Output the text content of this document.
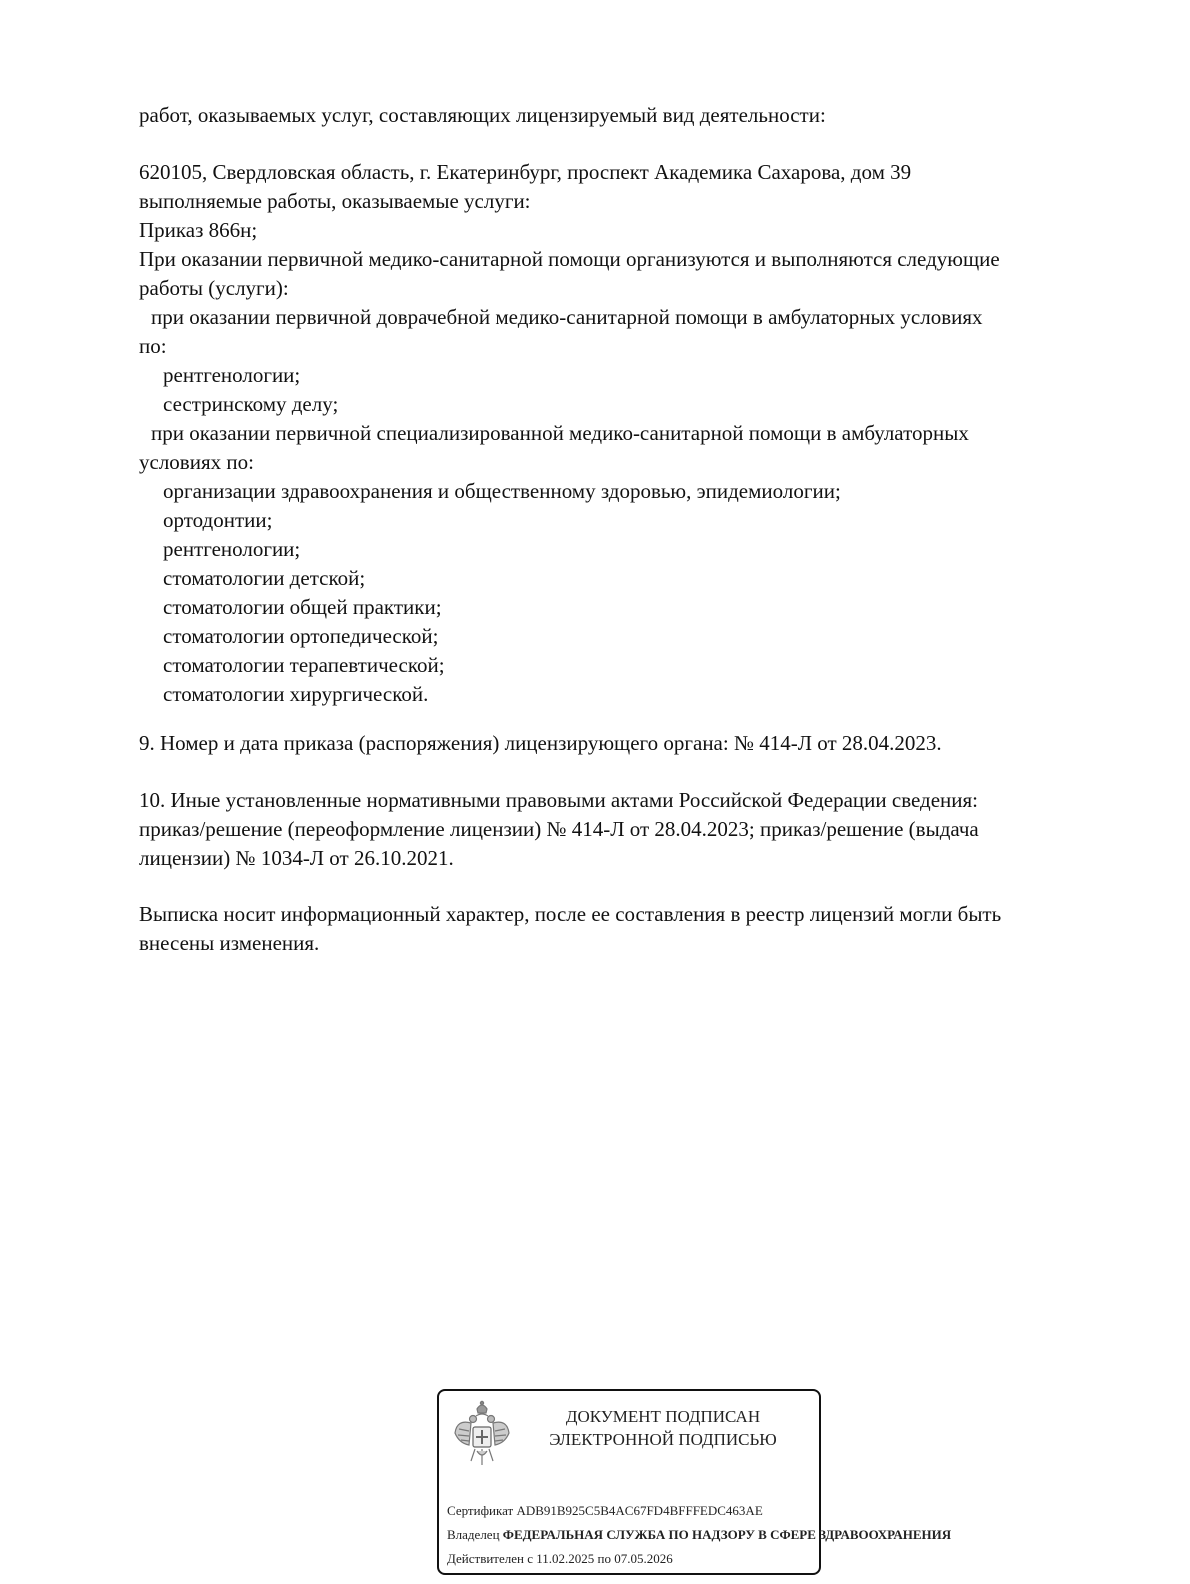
работ, оказываемых услуг, составляющих лицензируемый вид деятельности:
620105, Свердловская область, г. Екатеринбург, проспект Академика Сахарова, дом 39
выполняемые работы, оказываемые услуги:
Приказ 866н;
При оказании первичной медико-санитарной помощи организуются и выполняются следующие
работы (услуги):
при оказании первичной доврачебной медико-санитарной помощи в амбулаторных условиях
по:
рентгенологии;
сестринскому делу;
при оказании первичной специализированной медико-санитарной помощи в амбулаторных
условиях по:
организации здравоохранения и общественному здоровью, эпидемиологии;
ортодонтии;
рентгенологии;
стоматологии детской;
стоматологии общей практики;
стоматологии ортопедической;
стоматологии терапевтической;
стоматологии хирургической.
9. Номер и дата приказа (распоряжения) лицензирующего органа: № 414-Л от 28.04.2023.
10. Иные установленные нормативными правовыми актами Российской Федерации сведения:
приказ/решение (переоформление лицензии) № 414-Л от 28.04.2023; приказ/решение (выдача
лицензии) № 1034-Л от 26.10.2021.
Выписка носит информационный характер, после ее составления в реестр лицензий могли быть
внесены изменения.
ДОКУМЕНТ ПОДПИСАН
ЭЛЕКТРОННОЙ ПОДПИСЬЮ
Сертификат ADB91B925C5B4AC67FD4BFFFEDC463AE
Владелец ФЕДЕРАЛЬНАЯ СЛУЖБА ПО НАДЗОРУ В СФЕРЕ ЗДРАВООХРАНЕНИЯ
Действителен с 11.02.2025 по 07.05.2026
